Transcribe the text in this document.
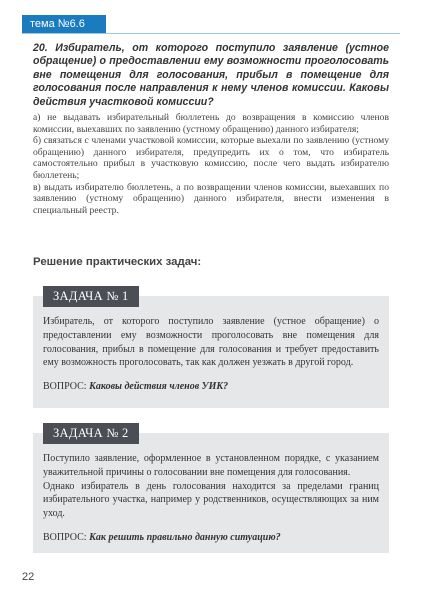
тема №6.6

20. Избиратель, от которого поступило заявление (устное обращение) о предоставлении ему возможности проголосовать вне помещения для голосования, прибыл в помещение для голосования после направления к нему членов комиссии. Каковы действия участковой комиссии?

а) не выдавать избирательный бюллетень до возвращения в комиссию членов комиссии, выехавших по заявлению (устному обращению) данного избирателя;

б) связаться с членами участковой комиссии, которые выехали по заявлению (устному обращению) данного избирателя, предупредить их о том, что избиратель самостоятельно прибыл в участковую комиссию, после чего выдать избирателю бюллетень;

в) выдать избирателю бюллетень, а по возвращении членов комиссии, выехавших по заявлению (устному обращению) данного избирателя, внести изменения в специальный реестр.

Решение практических задач:
ЗАДАЧА № 1

Избиратель, от которого поступило заявление (устное обращение) о предоставлении ему возможности проголосовать вне помещения для голосования, прибыл в помещение для голосования и требует предоставить ему возможность проголосовать, так как должен уезжать в другой город.

ВОПРОС: Каковы действия членов УИК?

ЗАДАЧА № 2

Поступило заявление, оформленное в установленном порядке, с указанием уважительной причины о голосовании вне помещения для голосования.

Однако избиратель в день голосования находится за пределами границ избирательного участка, например у родственников, осуществляющих за ним уход.

ВОПРОС: Как решить правильно данную ситуацию?

22
